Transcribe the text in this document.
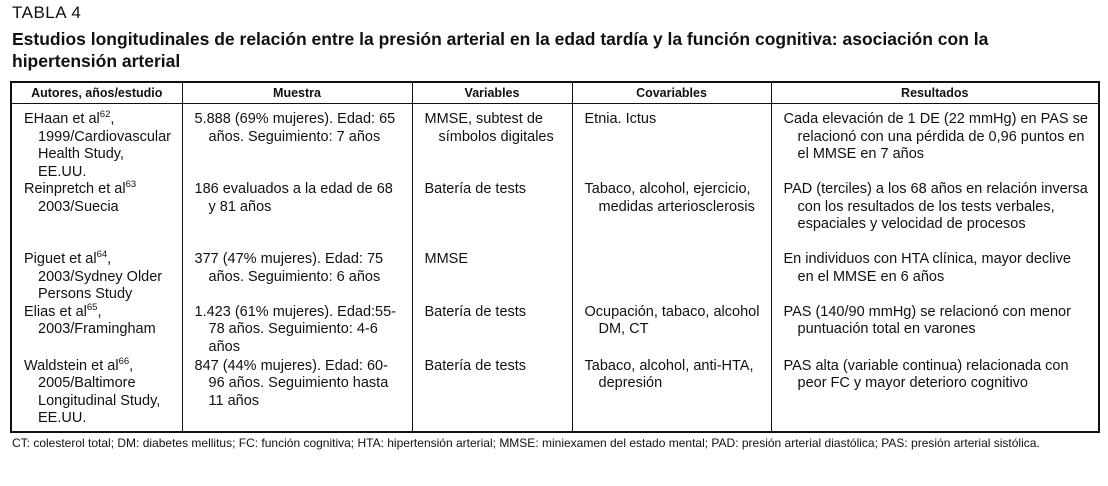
TABLA 4
Estudios longitudinales de relación entre la presión arterial en la edad tardía y la función cognitiva: asociación con la hipertensión arterial
Autores, años/estudio	Muestra	Variables	Covariables	Resultados

EHaan et $al^{62}$, 1999/Cardiovascular Health Study, EE.UU.	5.888 (69% mujeres). Edad: 65 años. Seguimiento: 7 años	MMSE, subtest de símbolos digitales	Etnia. Ictus	Cada elevación de 1 DE (22 mmHg) en PAS se relacionó con una pérdida de 0,96 puntos en el MMSE en 7 años

Reinpretch et $al^{63}$ 2003/Suecia	186 evaluados a la edad de 68 y 81 años	Batería de tests	Tabaco, alcohol, ejercicio, medidas arteriosclerosis	PAD (terciles) a los 68 años en relación inversa con los resultados de los tests verbales, espaciales y velocidad de procesos

Piguet et $al^{64}$, 2003/Sydney Older Persons Study	377 (47% mujeres). Edad: 75 años. Seguimiento: 6 años	MMSE		En individuos con HTA clínica, mayor declive en el MMSE en 6 años

Elias et $al^{65}$, 2003/Framingham	1.423 (61% mujeres). Edad:55-78 años. Seguimiento: 4-6 años	Batería de tests	Ocupación, tabaco, alcohol DM, CT	PAS (140/90 mmHg) se relacionó con menor puntuación total en varones

Waldstein et $al^{66}$, 2005/Baltimore Longitudinal Study, EE.UU.	847 (44% mujeres). Edad: 60-96 años. Seguimiento hasta 11 años	Batería de tests	Tabaco, alcohol, anti-HTA, depresión	PAS alta (variable continua) relacionada con peor FC y mayor deterioro cognitivo
CT: colesterol total; DM: diabetes mellitus; FC: función cognitiva; HTA: hipertensión arterial; MMSE: miniexamen del estado mental; PAD: presión arterial diastólica; PAS: presión arterial sistólica.
